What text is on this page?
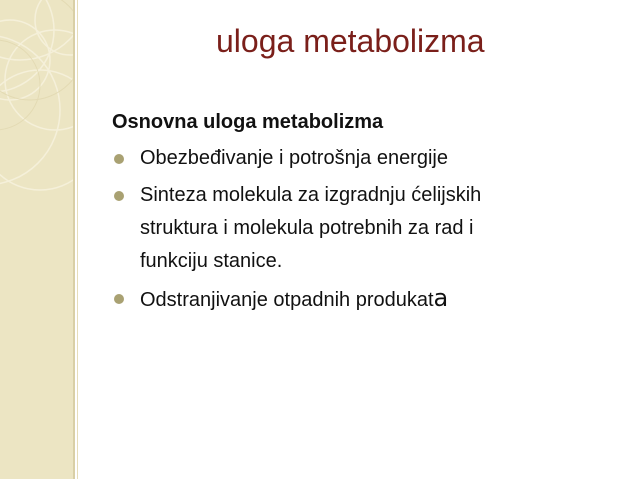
uloga metabolizma
Osnovna uloga metabolizma
Obezbeđivanje i potrošnja energije
Sinteza molekula za izgradnju ćelijskih
struktura i molekula potrebnih za rad i
funkciju stanice.
Odstranjivanje otpadnih produkata
